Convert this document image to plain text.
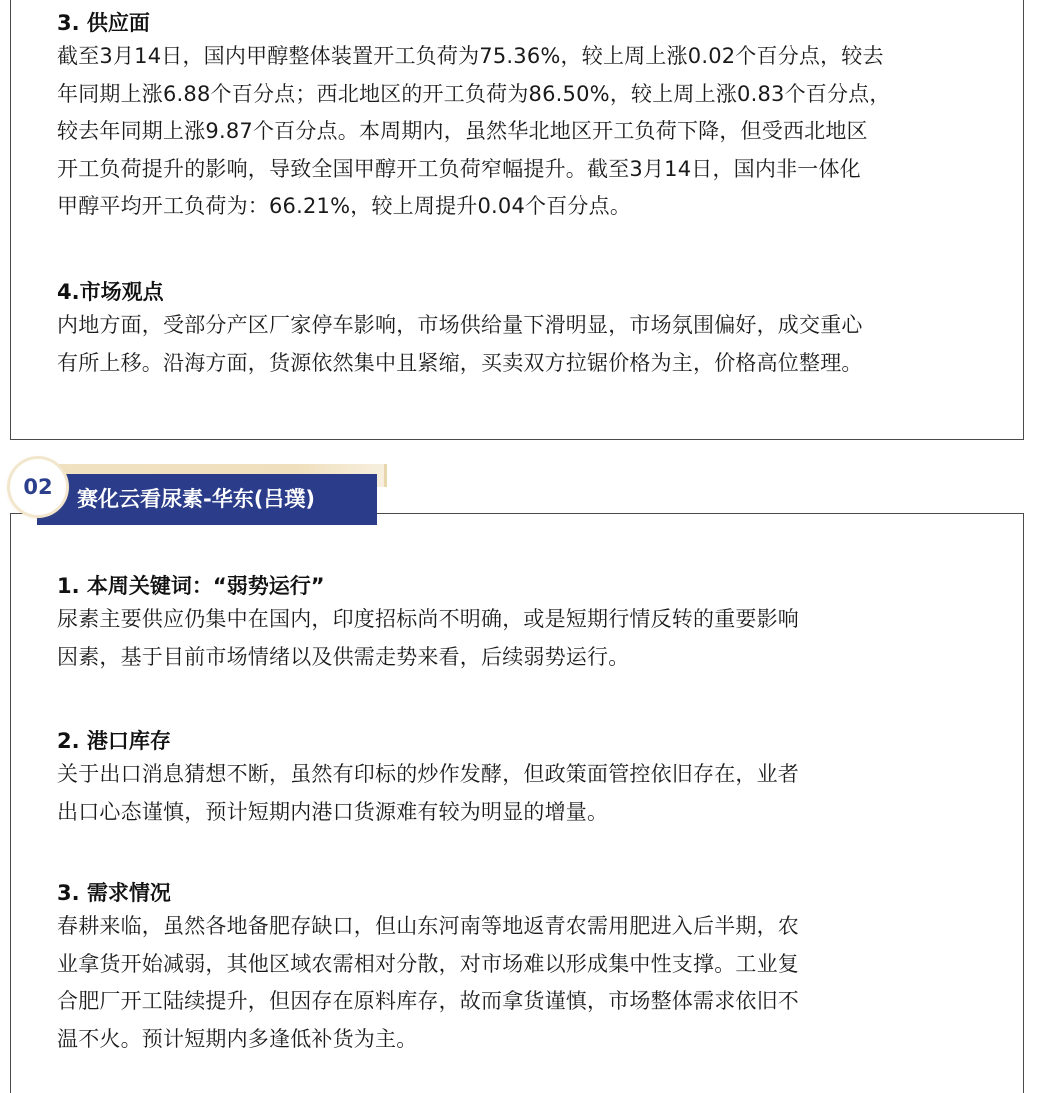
3. 供应面
截至3月14日，国内甲醇整体装置开工负荷为75.36%，较上周上涨0.02个百分点，较去
年同期上涨6.88个百分点；西北地区的开工负荷为86.50%，较上周上涨0.83个百分点，
较去年同期上涨9.87个百分点。本周期内，虽然华北地区开工负荷下降，但受西北地区
开工负荷提升的影响，导致全国甲醇开工负荷窄幅提升。截至3月14日，国内非一体化
甲醇平均开工负荷为：66.21%，较上周提升0.04个百分点。
4.市场观点
内地方面，受部分产区厂家停车影响，市场供给量下滑明显，市场氛围偏好，成交重心
有所上移。沿海方面，货源依然集中且紧缩，买卖双方拉锯价格为主，价格高位整理。
02	赛化云看尿素-华东(吕璞)
1. 本周关键词：“弱势运行”
尿素主要供应仍集中在国内，印度招标尚不明确，或是短期行情反转的重要影响
因素，基于目前市场情绪以及供需走势来看，后续弱势运行。
2. 港口库存
关于出口消息猜想不断，虽然有印标的炒作发酵，但政策面管控依旧存在，业者
出口心态谨慎，预计短期内港口货源难有较为明显的增量。
3. 需求情况
春耕来临，虽然各地备肥存缺口，但山东河南等地返青农需用肥进入后半期，农
业拿货开始减弱，其他区域农需相对分散，对市场难以形成集中性支撑。工业复
合肥厂开工陆续提升，但因存在原料库存，故而拿货谨慎，市场整体需求依旧不
温不火。预计短期内多逢低补货为主。
